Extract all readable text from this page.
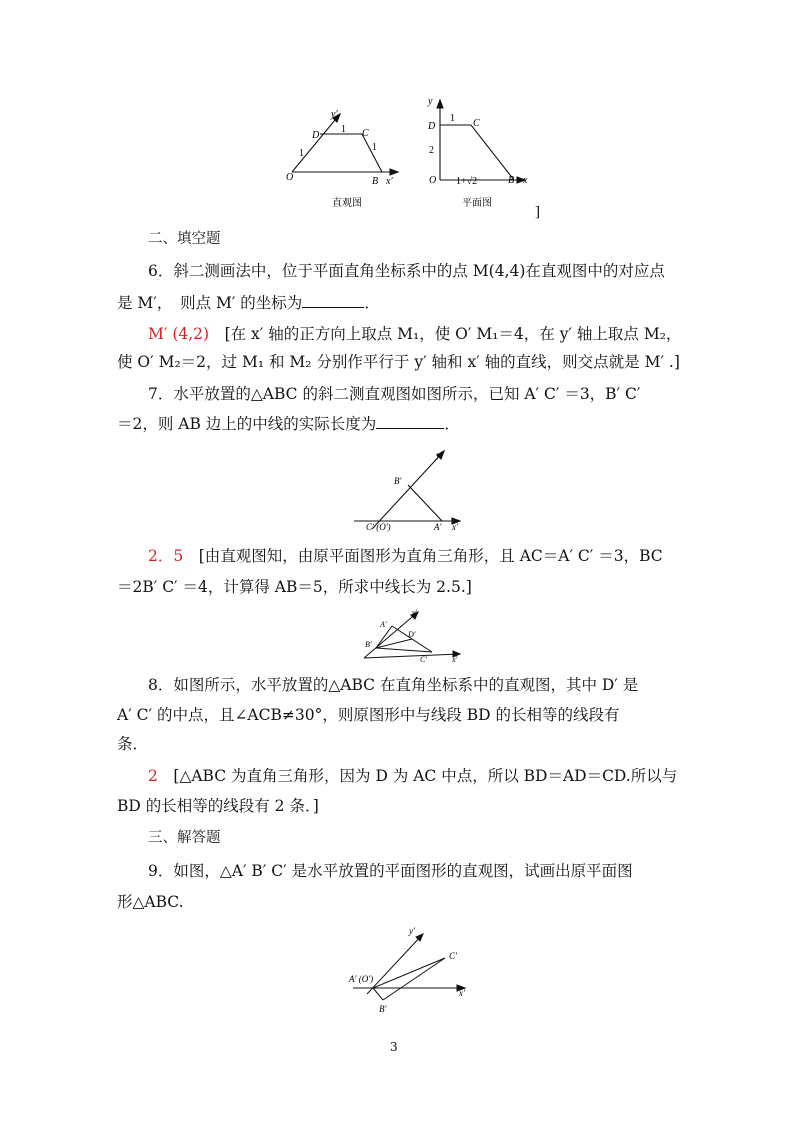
y′
D
1 C
1
1
O	B x′
直观图
y
D
1 C
2
O 1+√2	B x
平面图
]
二、填空题
6．斜二测画法中，位于平面直角坐标系中的点 M(4,4)在直观图中的对应点
是 M′，　则点 M′ 的坐标为	．
M′ (4,2)　 [在 x′ 轴的正方向上取点 M₁，使 O′ M₁＝4，在 y′ 轴上取点 M₂，
使 O′ M₂＝2，过 M₁ 和 M₂ 分别作平行于 y′ 轴和 x′ 轴的直线，则交点就是 M′ .]
7．水平放置的△ABC 的斜二测直观图如图所示，已知 A′ C′ ＝3，B′ C′
＝2，则 AB 边上的中线的实际长度为	．
y′
B′
C′ (O′)	A′ x′
2．5　 [由直观图知，由原平面图形为直角三角形，且 AC＝A′ C′ ＝3，BC
＝2B′ C′ ＝4，计算得 AB＝5，所求中线长为 2.5.]
y′
A′
D′
B′
C′	x′
8．如图所示，水平放置的△ABC 在直角坐标系中的直观图，其中 D′ 是
A′ C′ 的中点，且∠ACB≠30°，则原图形中与线段 BD 的长相等的线段有
条．
2　 [△ABC 为直角三角形，因为 D 为 AC 中点，所以 BD＝AD＝CD.所以与
BD 的长相等的线段有 2 条．]
三、解答题
9．如图，△A′ B′ C′ 是水平放置的平面图形的直观图，试画出原平面图
形△ABC.
y′
C′
A′ (O′)
x′
B′
3
